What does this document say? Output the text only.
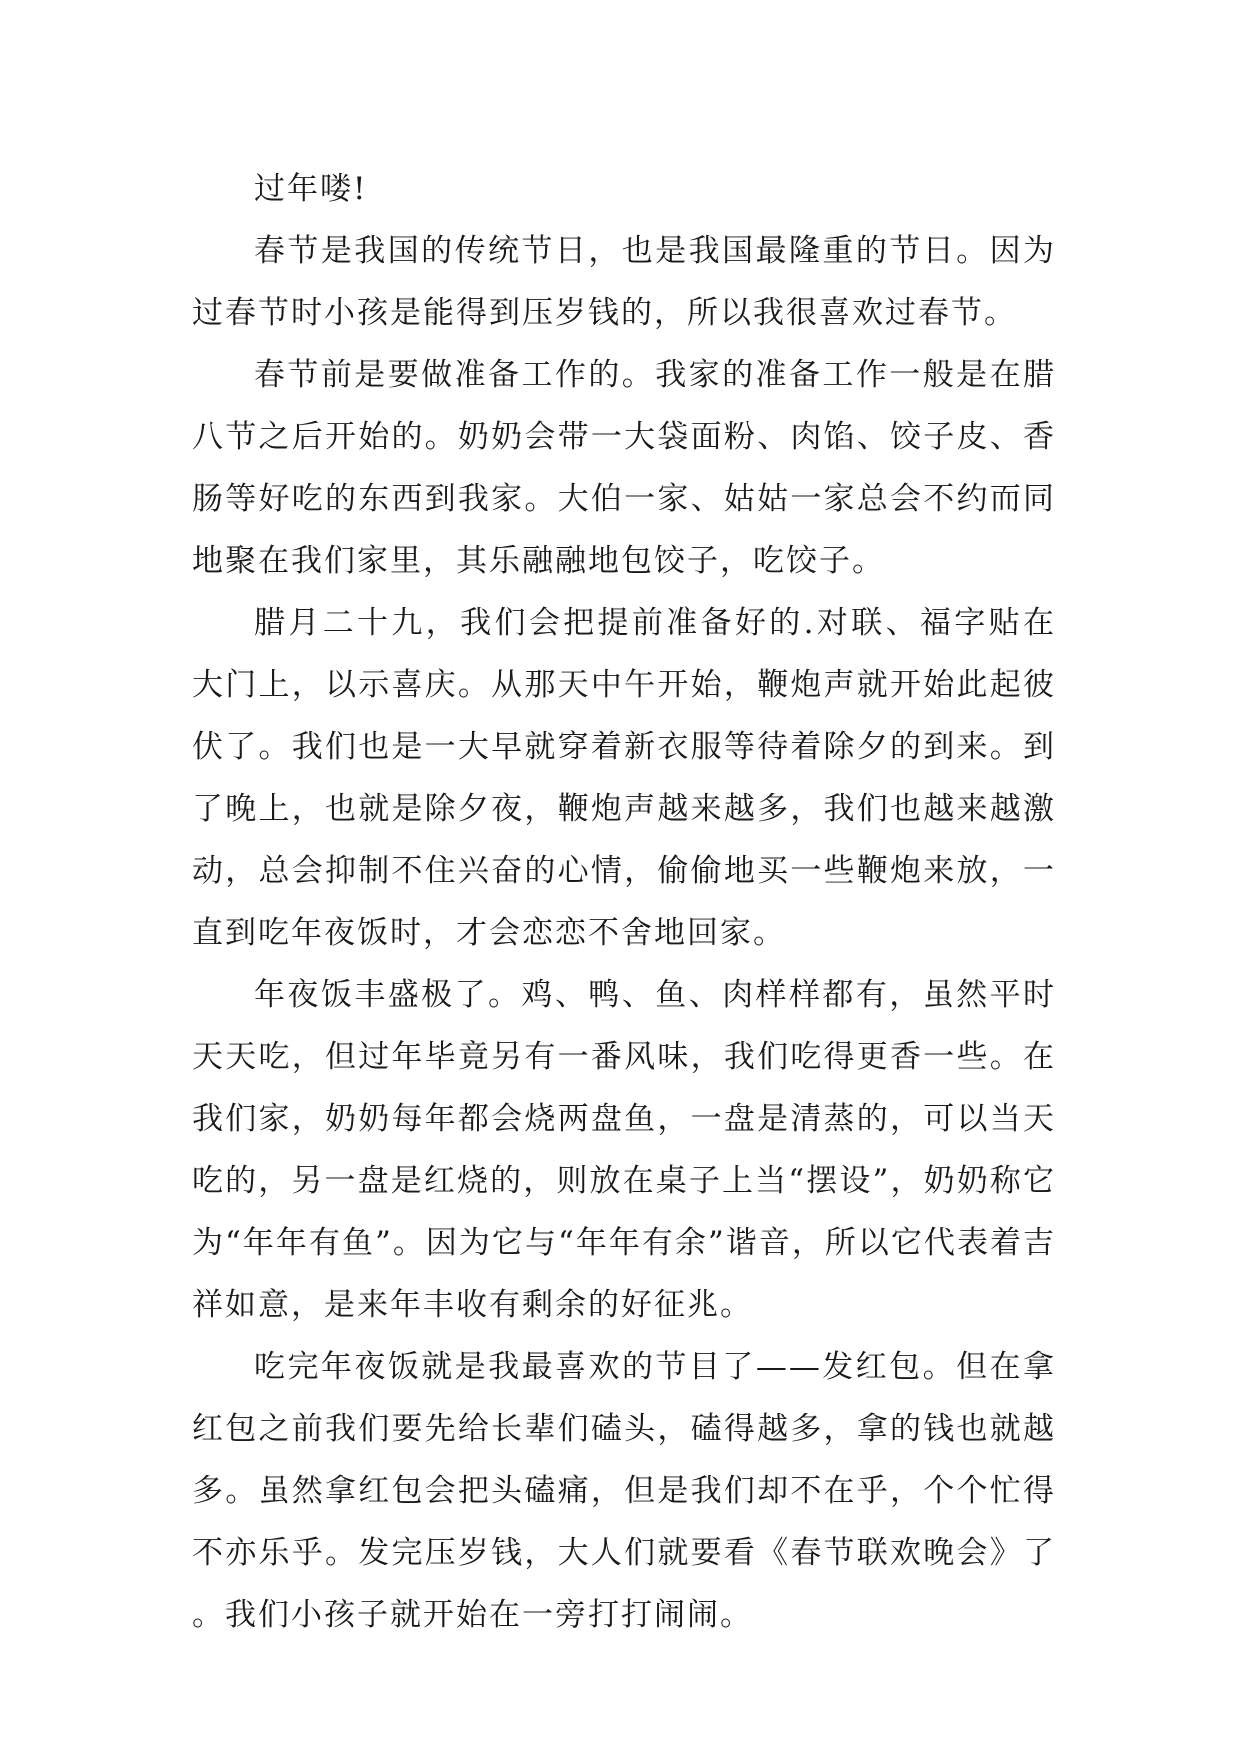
过年喽!

春节是我国的传统节日，也是我国最隆重的节日。因为过春节时小孩是能得到压岁钱的，所以我很喜欢过春节。

春节前是要做准备工作的。我家的准备工作一般是在腊八节之后开始的。奶奶会带一大袋面粉、肉馅、饺子皮、香肠等好吃的东西到我家。大伯一家、姑姑一家总会不约而同地聚在我们家里，其乐融融地包饺子，吃饺子。

腊月二十九，我们会把提前准备好的.对联、福字贴在大门上，以示喜庆。从那天中午开始，鞭炮声就开始此起彼伏了。我们也是一大早就穿着新衣服等待着除夕的到来。到了晚上，也就是除夕夜，鞭炮声越来越多，我们也越来越激动，总会抑制不住兴奋的心情，偷偷地买一些鞭炮来放，一直到吃年夜饭时，才会恋恋不舍地回家。

年夜饭丰盛极了。鸡、鸭、鱼、肉样样都有，虽然平时天天吃，但过年毕竟另有一番风味，我们吃得更香一些。在我们家，奶奶每年都会烧两盘鱼，一盘是清蒸的，可以当天吃的，另一盘是红烧的，则放在桌子上当“摆设”，奶奶称它为“年年有鱼”。因为它与“年年有余”谐音，所以它代表着吉祥如意，是来年丰收有剩余的好征兆。

吃完年夜饭就是我最喜欢的节目了——发红包。但在拿红包之前我们要先给长辈们磕头，磕得越多，拿的钱也就越多。虽然拿红包会把头磕痛，但是我们却不在乎，个个忙得不亦乐乎。发完压岁钱，大人们就要看《春节联欢晚会》了。我们小孩子就开始在一旁打打闹闹。
